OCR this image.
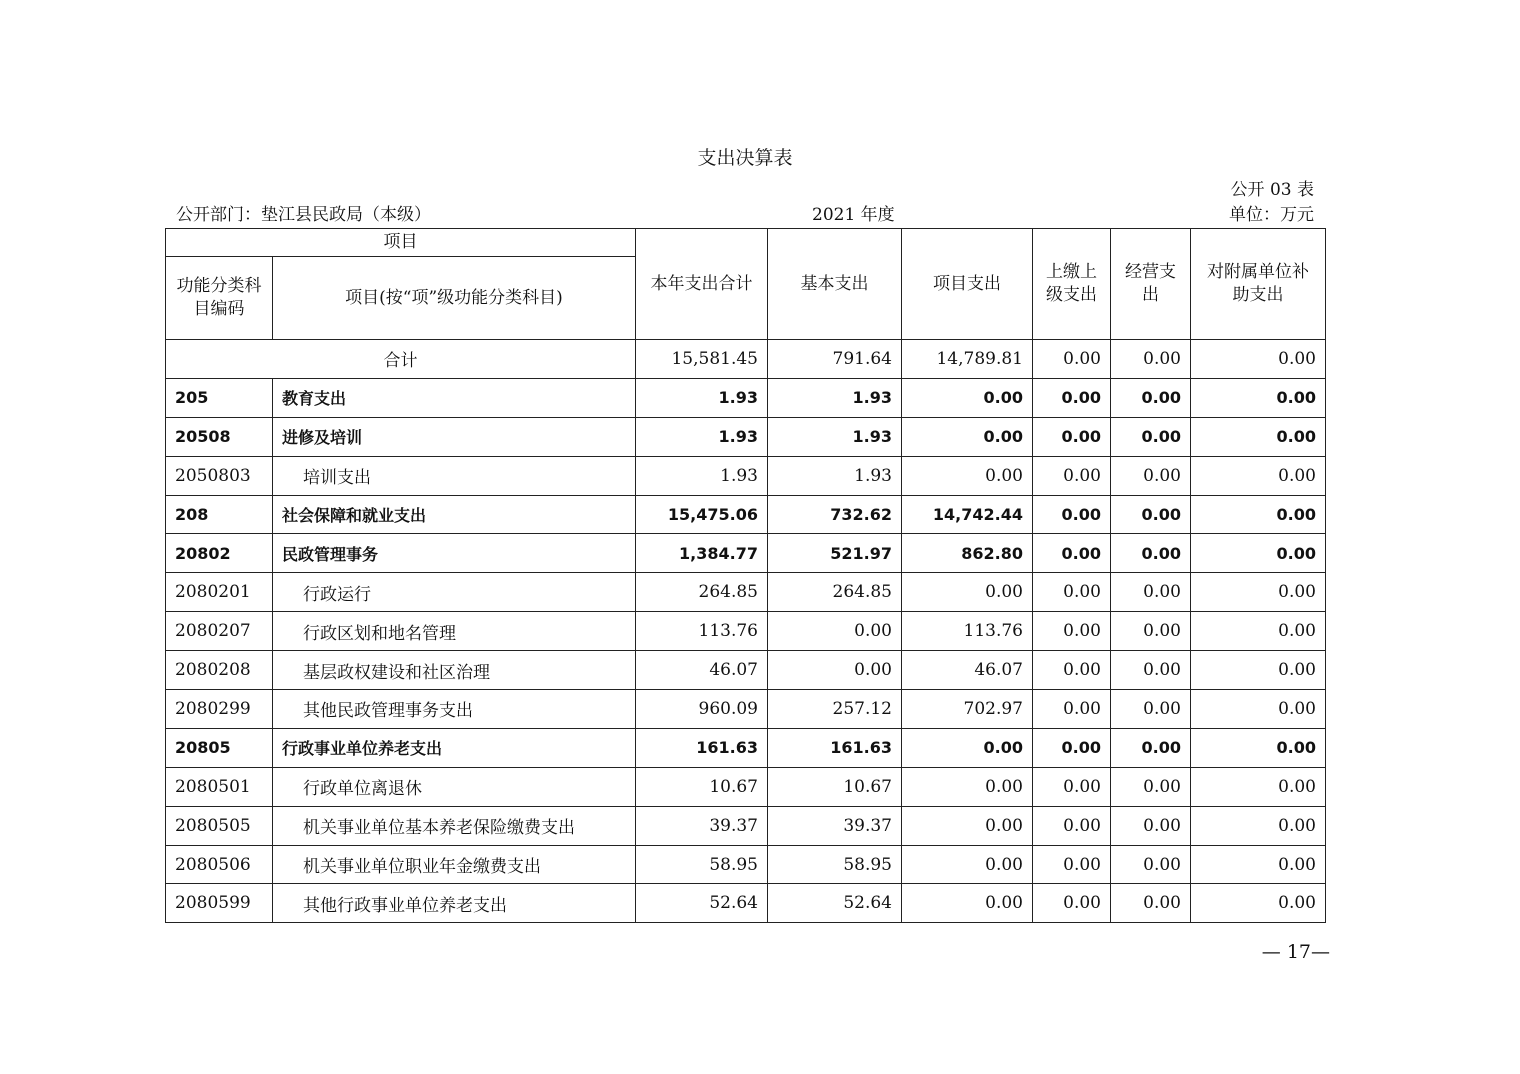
支出决算表
公开 03 表
公开部门：垫江县民政局（本级）	2021 年度	单位：万元
项目		本年支出合计	基本支出	项目支出	上缴上级支出	经营支出	对附属单位补助支出
功能分类科目编码	项目(按“项”级功能分类科目)						
合计		15,581.45	791.64	14,789.81	0.00	0.00	0.00
205	教育支出	1.93	1.93	0.00	0.00	0.00	0.00
20508	进修及培训	1.93	1.93	0.00	0.00	0.00	0.00
2050803	培训支出	1.93	1.93	0.00	0.00	0.00	0.00
208	社会保障和就业支出	15,475.06	732.62	14,742.44	0.00	0.00	0.00
20802	民政管理事务	1,384.77	521.97	862.80	0.00	0.00	0.00
2080201	行政运行	264.85	264.85	0.00	0.00	0.00	0.00
2080207	行政区划和地名管理	113.76	0.00	113.76	0.00	0.00	0.00
2080208	基层政权建设和社区治理	46.07	0.00	46.07	0.00	0.00	0.00
2080299	其他民政管理事务支出	960.09	257.12	702.97	0.00	0.00	0.00
20805	行政事业单位养老支出	161.63	161.63	0.00	0.00	0.00	0.00
2080501	行政单位离退休	10.67	10.67	0.00	0.00	0.00	0.00
2080505	机关事业单位基本养老保险缴费支出	39.37	39.37	0.00	0.00	0.00	0.00
2080506	机关事业单位职业年金缴费支出	58.95	58.95	0.00	0.00	0.00	0.00
2080599	其他行政事业单位养老支出	52.64	52.64	0.00	0.00	0.00	0.00
— 17—
